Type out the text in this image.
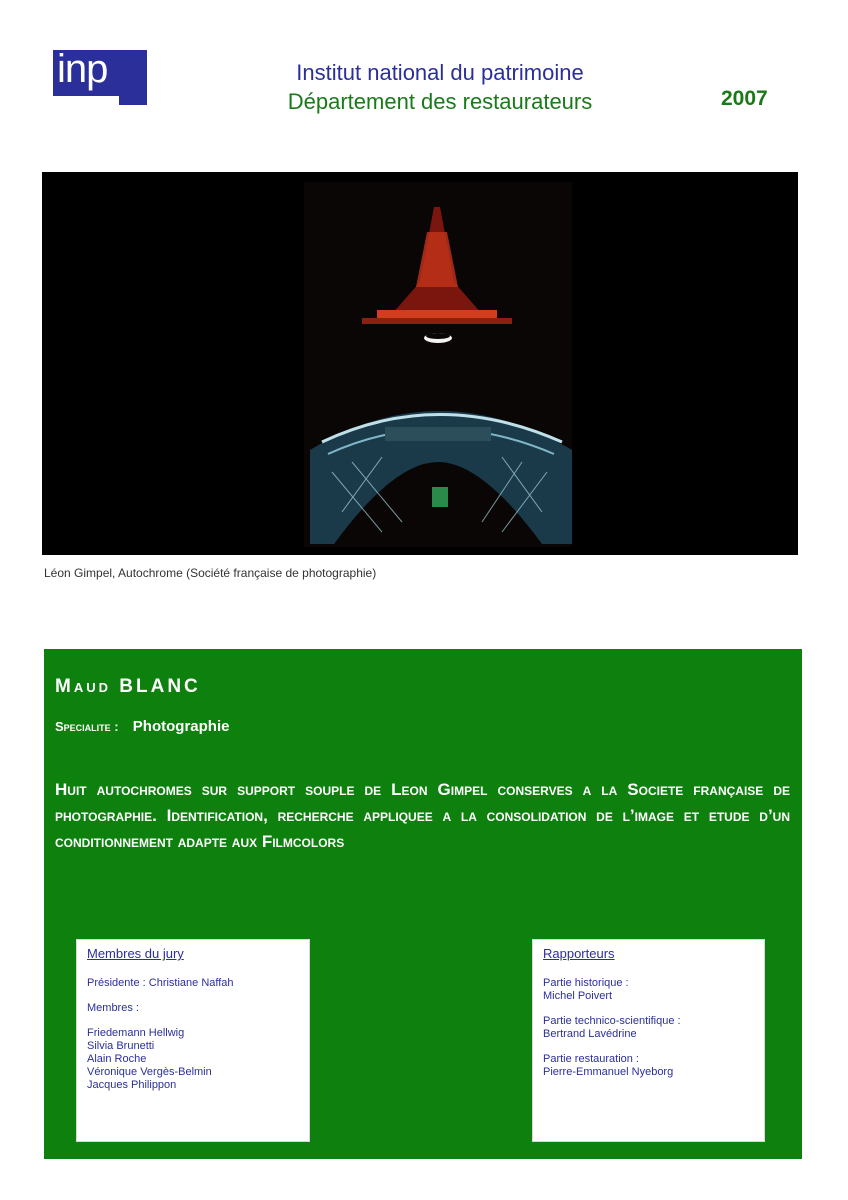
inp	Institut national du patrimoine
Département des restaurateurs	2007
Léon Gimpel, Autochrome (Société française de photographie)
Maud BLANC
Specialite : Photographie
Huit autochromes sur support souple de Leon Gimpel conserves a la Societe française de photographie. Identification, recherche appliquee a la consolidation de l’image et etude d’un conditionnement adapte aux Filmcolors
Membres du jury
Présidente : Christiane Naffah
Membres :
Friedemann Hellwig
Silvia Brunetti
Alain Roche
Véronique Vergès-Belmin
Jacques Philippon
Rapporteurs
Partie historique :
Michel Poivert
Partie technico-scientifique :
Bertrand Lavédrine
Partie restauration :
Pierre-Emmanuel Nyeborg
